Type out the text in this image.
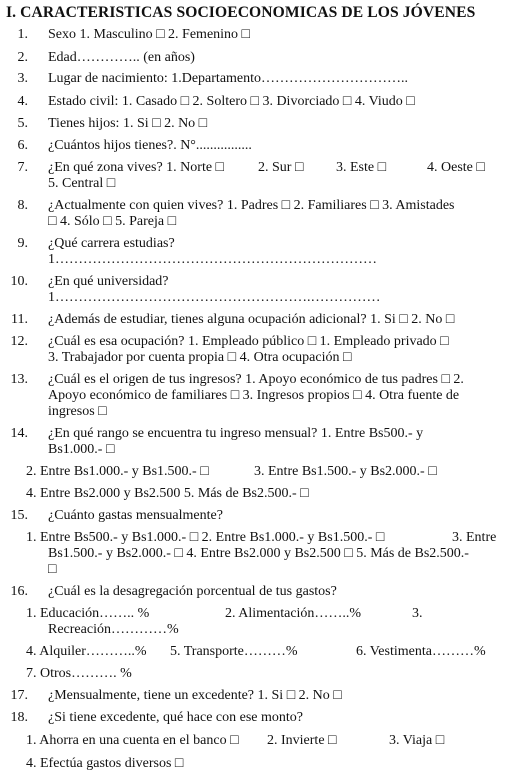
I. CARACTERISTICAS SOCIOECONOMICAS DE LOS JÓVENES
1. Sexo 1. Masculino □ 2. Femenino □
2. Edad………….. (en años)
3. Lugar de nacimiento: 1.Departamento…………………………..
4. Estado civil: 1. Casado □ 2. Soltero □ 3. Divorciado □ 4. Viudo □
5. Tienes hijos: 1. Si □ 2. No □
6. ¿Cuántos hijos tienes?. N°................
7. ¿En qué zona vives? 1. Norte □ 2. Sur □ 3. Este □	4. Oeste □
5. Central □
8. ¿Actualmente con quien vives? 1. Padres □ 2. Familiares □ 3. Amistades
□ 4. Sólo □ 5. Pareja □
9. ¿Qué carrera estudias?
1……………………………………………………………
10. ¿En qué universidad?
1……………………………………………….……………
11. ¿Además de estudiar, tienes alguna ocupación adicional? 1. Si □ 2. No □
12. ¿Cuál es esa ocupación? 1. Empleado público □ 1. Empleado privado □
3. Trabajador por cuenta propia □ 4. Otra ocupación □
13. ¿Cuál es el origen de tus ingresos? 1. Apoyo económico de tus padres □ 2.
Apoyo económico de familiares □ 3. Ingresos propios □ 4. Otra fuente de
ingresos □
14. ¿En qué rango se encuentra tu ingreso mensual? 1. Entre Bs500.- y
Bs1.000.- □
2. Entre Bs1.000.- y Bs1.500.- □	3. Entre Bs1.500.- y Bs2.000.- □
4. Entre Bs2.000 y Bs2.500 5. Más de Bs2.500.- □
15. ¿Cuánto gastas mensualmente?
1. Entre Bs500.- y Bs1.000.- □ 2. Entre Bs1.000.- y Bs1.500.- □	3. Entre
Bs1.500.- y Bs2.000.- □ 4. Entre Bs2.000 y Bs2.500 □ 5. Más de Bs2.500.-
□
16. ¿Cuál es la desagregación porcentual de tus gastos?
1. Educación…….. %	2. Alimentación……..%	3.
Recreación…………%
4. Alquiler………..% 5. Transporte………%	6. Vestimenta………%
7. Otros………. %
17. ¿Mensualmente, tiene un excedente? 1. Si □ 2. No □
18. ¿Si tiene excedente, qué hace con ese monto?
1. Ahorra en una cuenta en el banco □ 2. Invierte □	3. Viaja □
4. Efectúa gastos diversos □
